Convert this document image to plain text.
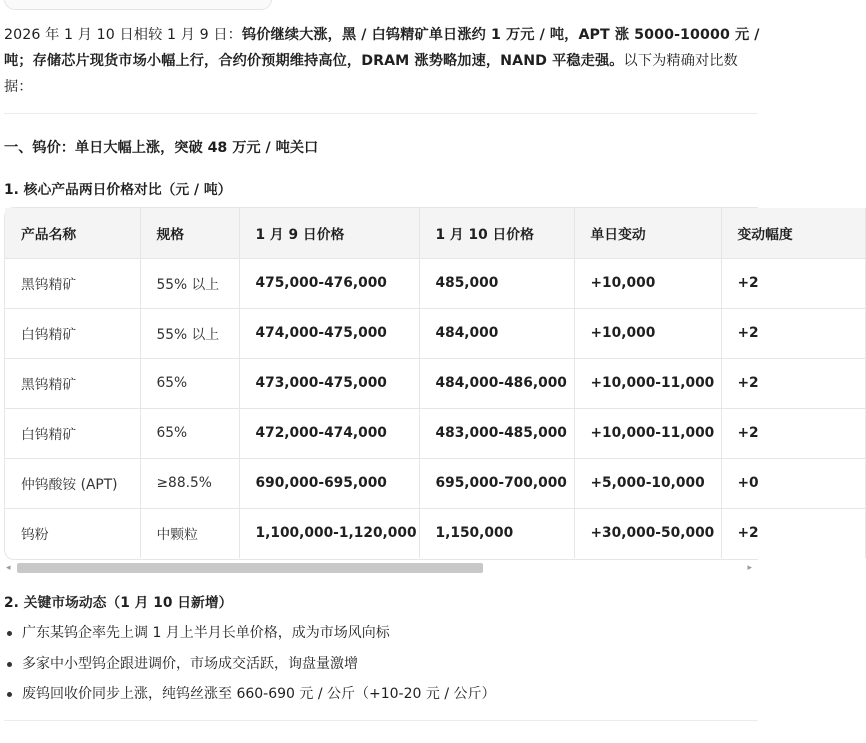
2026 年 1 月 10 日相较 1 月 9 日：钨价继续大涨，黑 / 白钨精矿单日涨约 1 万元 / 吨，APT 涨 5000-10000 元 / 吨；存储芯片现货市场小幅上行，合约价预期维持高位，DRAM 涨势略加速，NAND 平稳走强。以下为精确对比数据：

一、钨价：单日大幅上涨，突破 48 万元 / 吨关口
1. 核心产品两日价格对比（元 / 吨）
产品名称	规格	1 月 9 日价格	1 月 10 日价格	单日变动	变动幅度
黑钨精矿	55% 以上	475,000-476,000	485,000	+10,000	+2
白钨精矿	55% 以上	474,000-475,000	484,000	+10,000	+2
黑钨精矿	65%	473,000-475,000	484,000-486,000	+10,000-11,000	+2
白钨精矿	65%	472,000-474,000	483,000-485,000	+10,000-11,000	+2
仲钨酸铵 (APT)	≥88.5%	690,000-695,000	695,000-700,000	+5,000-10,000	+0
钨粉	中颗粒	1,100,000-1,120,000	1,150,000	+30,000-50,000	+2
◂	▸
2. 关键市场动态（1 月 10 日新增）
广东某钨企率先上调 1 月上半月长单价格，成为市场风向标
多家中小型钨企跟进调价，市场成交活跃，询盘量激增
废钨回收价同步上涨，纯钨丝涨至 660-690 元 / 公斤（+10-20 元 / 公斤）
